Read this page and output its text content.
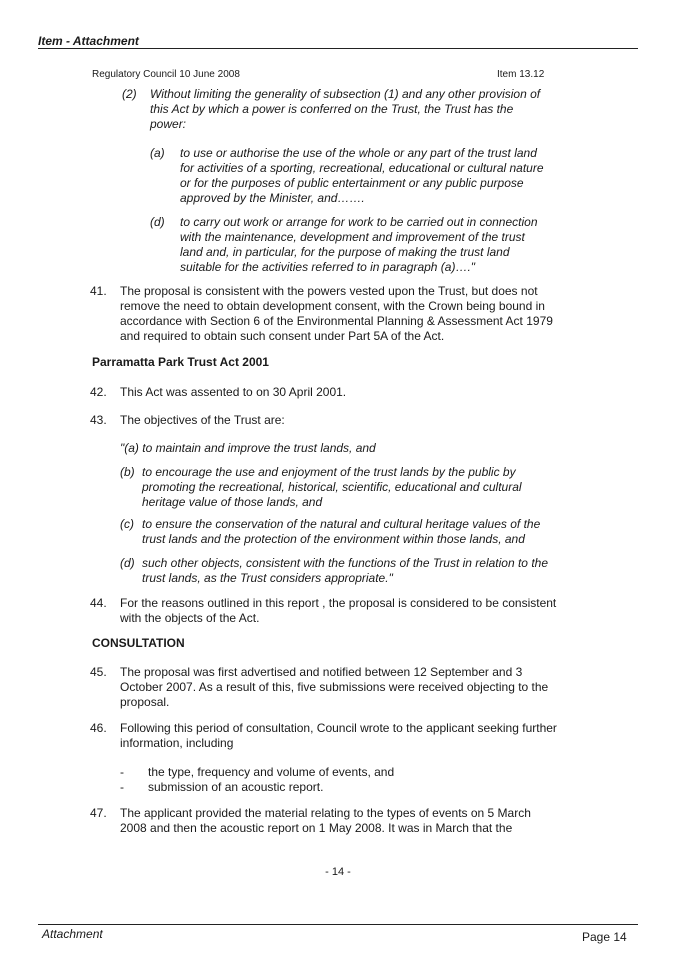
Item - Attachment
Regulatory Council 10 June 2008	Item 13.12
(2) Without limiting the generality of subsection (1) and any other provision of this Act by which a power is conferred on the Trust, the Trust has the power:
(a) to use or authorise the use of the whole or any part of the trust land for activities of a sporting, recreational, educational or cultural nature or for the purposes of public entertainment or any public purpose approved by the Minister, and…….
(d) to carry out work or arrange for work to be carried out in connection with the maintenance, development and improvement of the trust land and, in particular, for the purpose of making the trust land suitable for the activities referred to in paragraph (a)…."
41. The proposal is consistent with the powers vested upon the Trust, but does not remove the need to obtain development consent, with the Crown being bound in accordance with Section 6 of the Environmental Planning & Assessment Act 1979 and required to obtain such consent under Part 5A of the Act.
Parramatta Park Trust Act 2001
42. This Act was assented to on 30 April 2001.
43. The objectives of the Trust are:
"(a) to maintain and improve the trust lands, and
(b) to encourage the use and enjoyment of the trust lands by the public by promoting the recreational, historical, scientific, educational and cultural heritage value of those lands, and
(c) to ensure the conservation of the natural and cultural heritage values of the trust lands and the protection of the environment within those lands, and
(d) such other objects, consistent with the functions of the Trust in relation to the trust lands, as the Trust considers appropriate."
44. For the reasons outlined in this report , the proposal is considered to be consistent with the objects of the Act.
CONSULTATION
45. The proposal was first advertised and notified between 12 September and 3 October 2007. As a result of this, five submissions were received objecting to the proposal.
46. Following this period of consultation, Council wrote to the applicant seeking further information, including
- the type, frequency and volume of events, and
- submission of an acoustic report.
47. The applicant provided the material relating to the types of events on 5 March 2008 and then the acoustic report on 1 May 2008. It was in March that the
- 14 -
Attachment	Page 14
